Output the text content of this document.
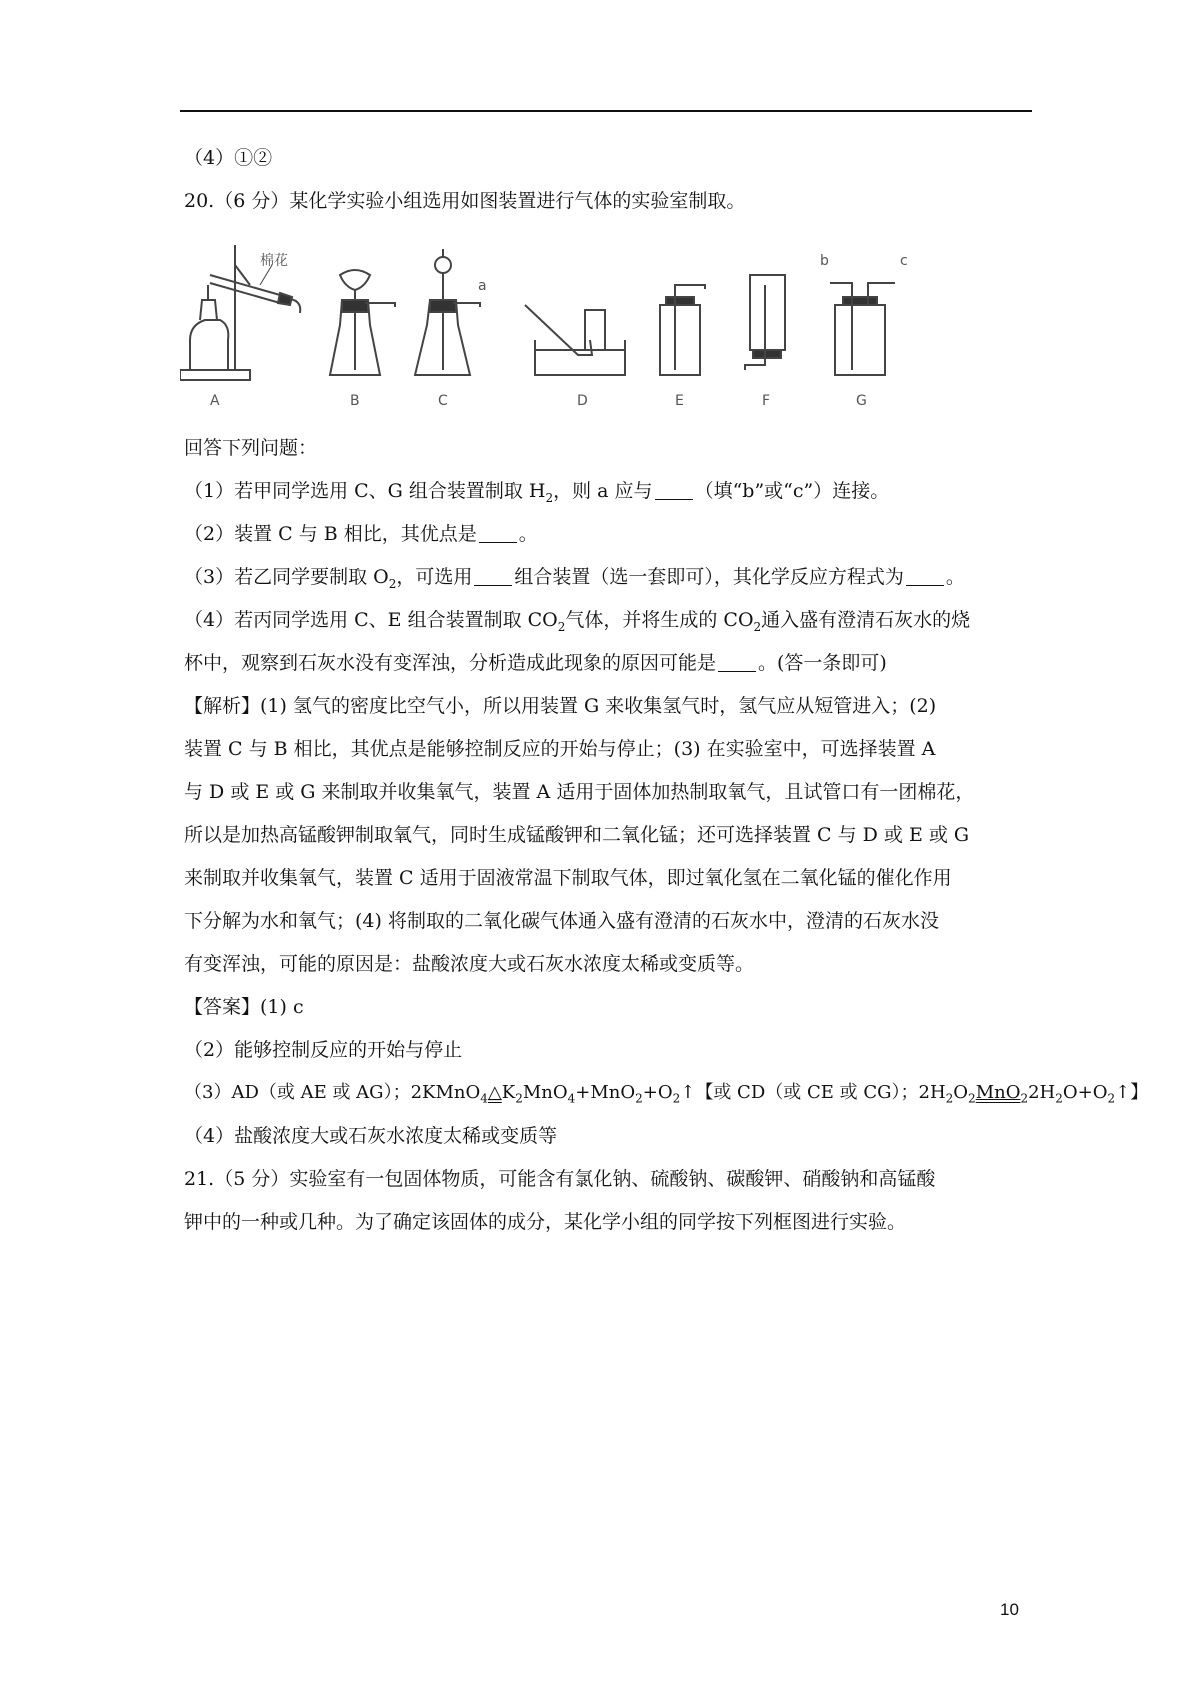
（4）①②
20.（6 分）某化学实验小组选用如图装置进行气体的实验室制取。
棉花
a
b	c
A	B	C	D	E	F	G
回答下列问题：
（1）若甲同学选用 C、G 组合装置制取 $H_2$，则 a 应与 （填“b”或“c”）连接。
（2）装置 C 与 B 相比，其优点是 。
（3）若乙同学要制取 $O_2$，可选用 组合装置（选一套即可），其化学反应方程式为 。
（4）若丙同学选用 C、E 组合装置制取 $CO_2$气体，并将生成的 $CO_2$通入盛有澄清石灰水的烧
杯中，观察到石灰水没有变浑浊，分析造成此现象的原因可能是 。(答一条即可)
【解析】(1) 氢气的密度比空气小，所以用装置 G 来收集氢气时，氢气应从短管进入；(2)
装置 C 与 B 相比，其优点是能够控制反应的开始与停止；(3) 在实验室中，可选择装置 A
与 D 或 E 或 G 来制取并收集氧气，装置 A 适用于固体加热制取氧气，且试管口有一团棉花，
所以是加热高锰酸钾制取氧气，同时生成锰酸钾和二氧化锰；还可选择装置 C 与 D 或 E 或 G
来制取并收集氧气，装置 C 适用于固液常温下制取气体，即过氧化氢在二氧化锰的催化作用
下分解为水和氧气；(4) 将制取的二氧化碳气体通入盛有澄清的石灰水中，澄清的石灰水没
有变浑浊，可能的原因是：盐酸浓度大或石灰水浓度太稀或变质等。
【答案】(1) c
（2）能够控制反应的开始与停止
（3）AD（或 AE 或 AG）；$2KMnO_4\triangle K_2MnO_4+MnO_2+O_2↑$【或 CD（或 CE 或 CG）；$2H_2O_2MnO_22H_2O+O_2↑$】
（4）盐酸浓度大或石灰水浓度太稀或变质等
21.（5 分）实验室有一包固体物质，可能含有氯化钠、硫酸钠、碳酸钾、硝酸钠和高锰酸
钾中的一种或几种。为了确定该固体的成分，某化学小组的同学按下列框图进行实验。
10
